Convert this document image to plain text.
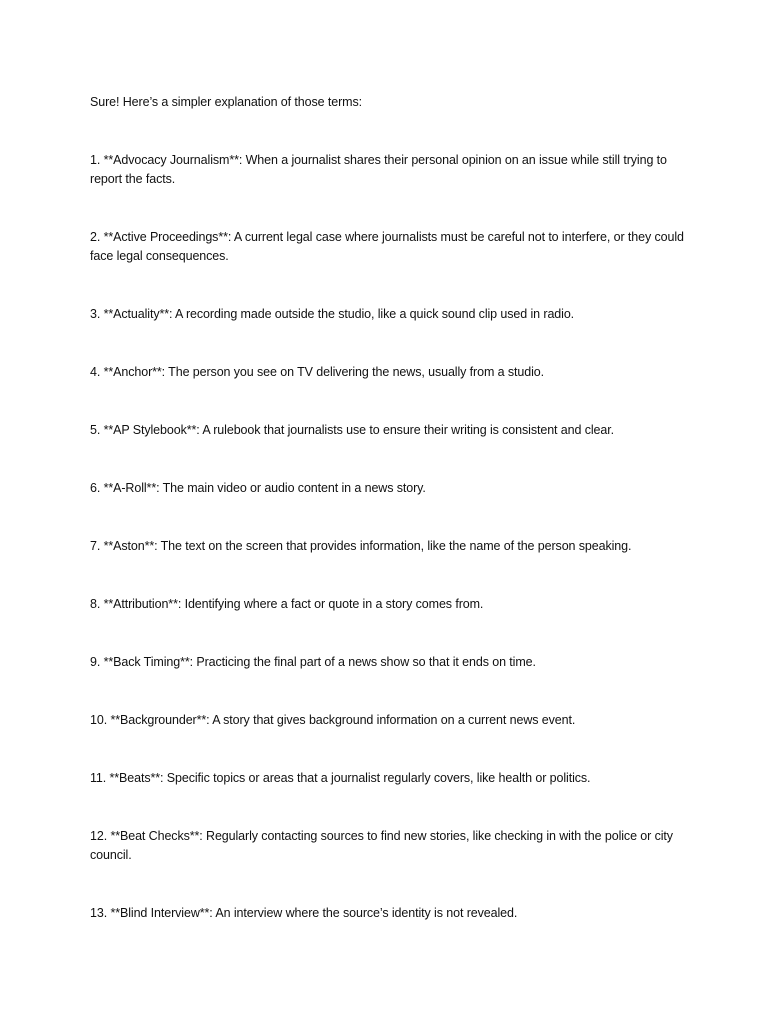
Sure! Here’s a simpler explanation of those terms:

1. **Advocacy Journalism**: When a journalist shares their personal opinion on an issue while still trying to report the facts.

2. **Active Proceedings**: A current legal case where journalists must be careful not to interfere, or they could face legal consequences.

3. **Actuality**: A recording made outside the studio, like a quick sound clip used in radio.

4. **Anchor**: The person you see on TV delivering the news, usually from a studio.

5. **AP Stylebook**: A rulebook that journalists use to ensure their writing is consistent and clear.

6. **A-Roll**: The main video or audio content in a news story.

7. **Aston**: The text on the screen that provides information, like the name of the person speaking.

8. **Attribution**: Identifying where a fact or quote in a story comes from.

9. **Back Timing**: Practicing the final part of a news show so that it ends on time.

10. **Backgrounder**: A story that gives background information on a current news event.

11. **Beats**: Specific topics or areas that a journalist regularly covers, like health or politics.

12. **Beat Checks**: Regularly contacting sources to find new stories, like checking in with the police or city council.

13. **Blind Interview**: An interview where the source’s identity is not revealed.
